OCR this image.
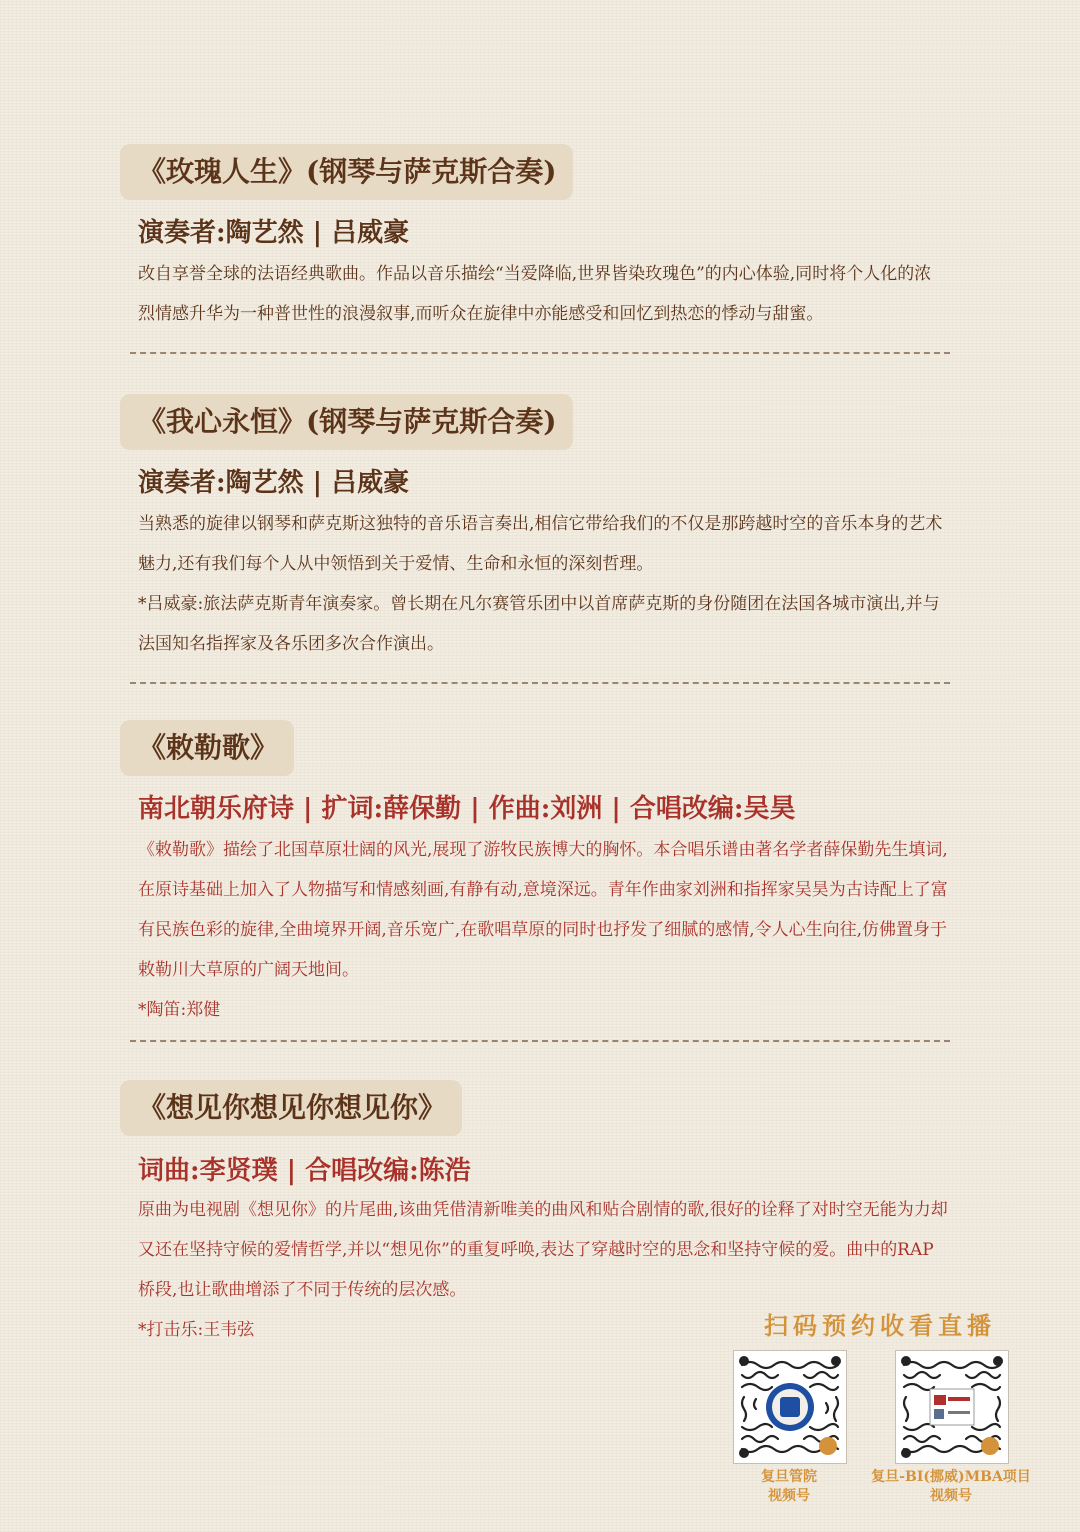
《玫瑰人生》(钢琴与萨克斯合奏)
演奏者:陶艺然 | 吕威豪

改自享誉全球的法语经典歌曲。作品以音乐描绘“当爱降临,世界皆染玫瑰色”的内心体验,同时将个人化的浓烈情感升华为一种普世性的浪漫叙事,而听众在旋律中亦能感受和回忆到热恋的悸动与甜蜜。

《我心永恒》(钢琴与萨克斯合奏)
演奏者:陶艺然 | 吕威豪

当熟悉的旋律以钢琴和萨克斯这独特的音乐语言奏出,相信它带给我们的不仅是那跨越时空的音乐本身的艺术魅力,还有我们每个人从中领悟到关于爱情、生命和永恒的深刻哲理。

*吕威豪:旅法萨克斯青年演奏家。曾长期在凡尔赛管乐团中以首席萨克斯的身份随团在法国各城市演出,并与法国知名指挥家及各乐团多次合作演出。

《敕勒歌》
南北朝乐府诗 | 扩词:薛保勤 | 作曲:刘洲 | 合唱改编:吴昊

《敕勒歌》描绘了北国草原壮阔的风光,展现了游牧民族博大的胸怀。本合唱乐谱由著名学者薛保勤先生填词,在原诗基础上加入了人物描写和情感刻画,有静有动,意境深远。青年作曲家刘洲和指挥家吴昊为古诗配上了富有民族色彩的旋律,全曲境界开阔,音乐宽广,在歌唱草原的同时也抒发了细腻的感情,令人心生向往,仿佛置身于敕勒川大草原的广阔天地间。

*陶笛:郑健

《想见你想见你想见你》
词曲:李贤璞 | 合唱改编:陈浩

原曲为电视剧《想见你》的片尾曲,该曲凭借清新唯美的曲风和贴合剧情的歌,很好的诠释了对时空无能为力却又还在坚持守候的爱情哲学,并以“想见你”的重复呼唤,表达了穿越时空的思念和坚持守候的爱。曲中的RAP桥段,也让歌曲增添了不同于传统的层次感。

*打击乐:王韦弦	扫码预约收看直播
复旦管院
视频号
复旦-BI(挪威)MBA项目
视频号
